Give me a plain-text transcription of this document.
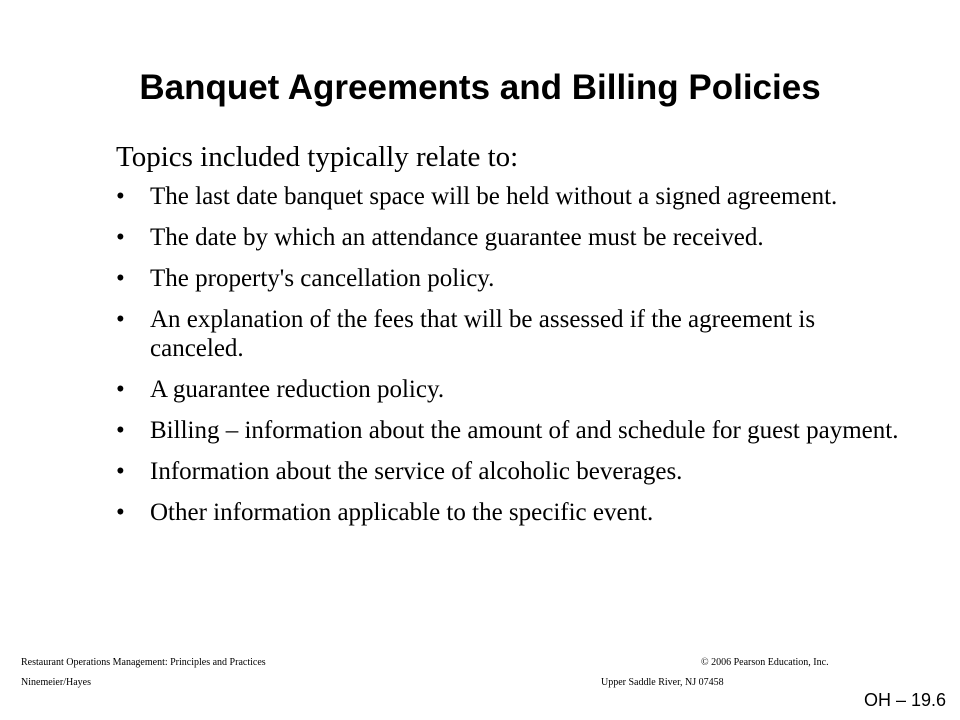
Banquet Agreements and Billing Policies
Topics included typically relate to:
• The last date banquet space will be held without a signed agreement.
• The date by which an attendance guarantee must be received.
• The property's cancellation policy.
• An explanation of the fees that will be assessed if the agreement is canceled.
• A guarantee reduction policy.
• Billing – information about the amount of and schedule for guest payment.
• Information about the service of alcoholic beverages.
• Other information applicable to the specific event.
Restaurant Operations Management: Principles and Practices
Ninemeier/Hayes
© 2006 Pearson Education, Inc.
Upper Saddle River, NJ 07458
OH – 19.6
